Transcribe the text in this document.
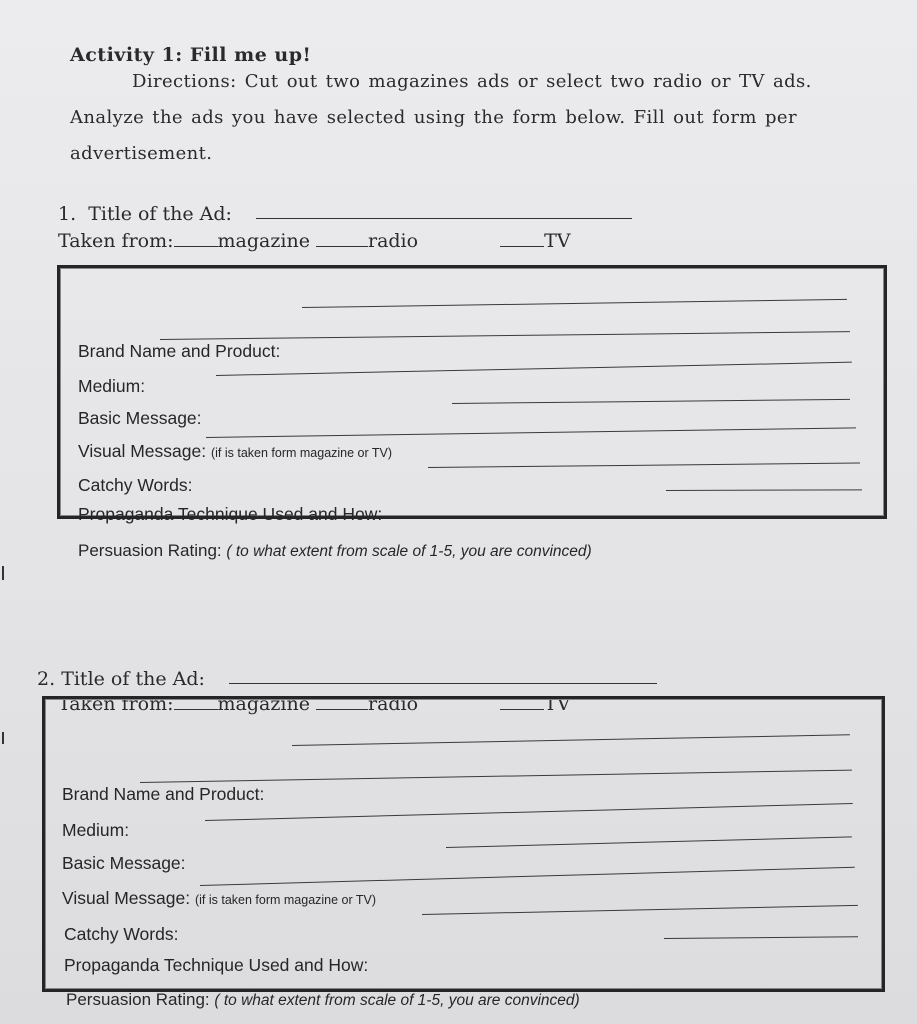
Activity 1: Fill me up!
Directions: Cut out two magazines ads or select two radio or TV ads. Analyze the ads you have selected using the form below. Fill out form per advertisement.
1. Title of the Ad:
Taken from: magazine	radio	TV
Brand Name and Product:
Medium:
Basic Message:
Visual Message: (if is taken form magazine or TV)
Catchy Words:
Propaganda Technique Used and How:
Persuasion Rating: ( to what extent from scale of 1-5, you are convinced)
2. Title of the Ad:
Taken from: magazine	radio	TV
Brand Name and Product:
Medium:
Basic Message:
Visual Message: (if is taken form magazine or TV)
Catchy Words:
Propaganda Technique Used and How:
Persuasion Rating: ( to what extent from scale of 1-5, you are convinced)
